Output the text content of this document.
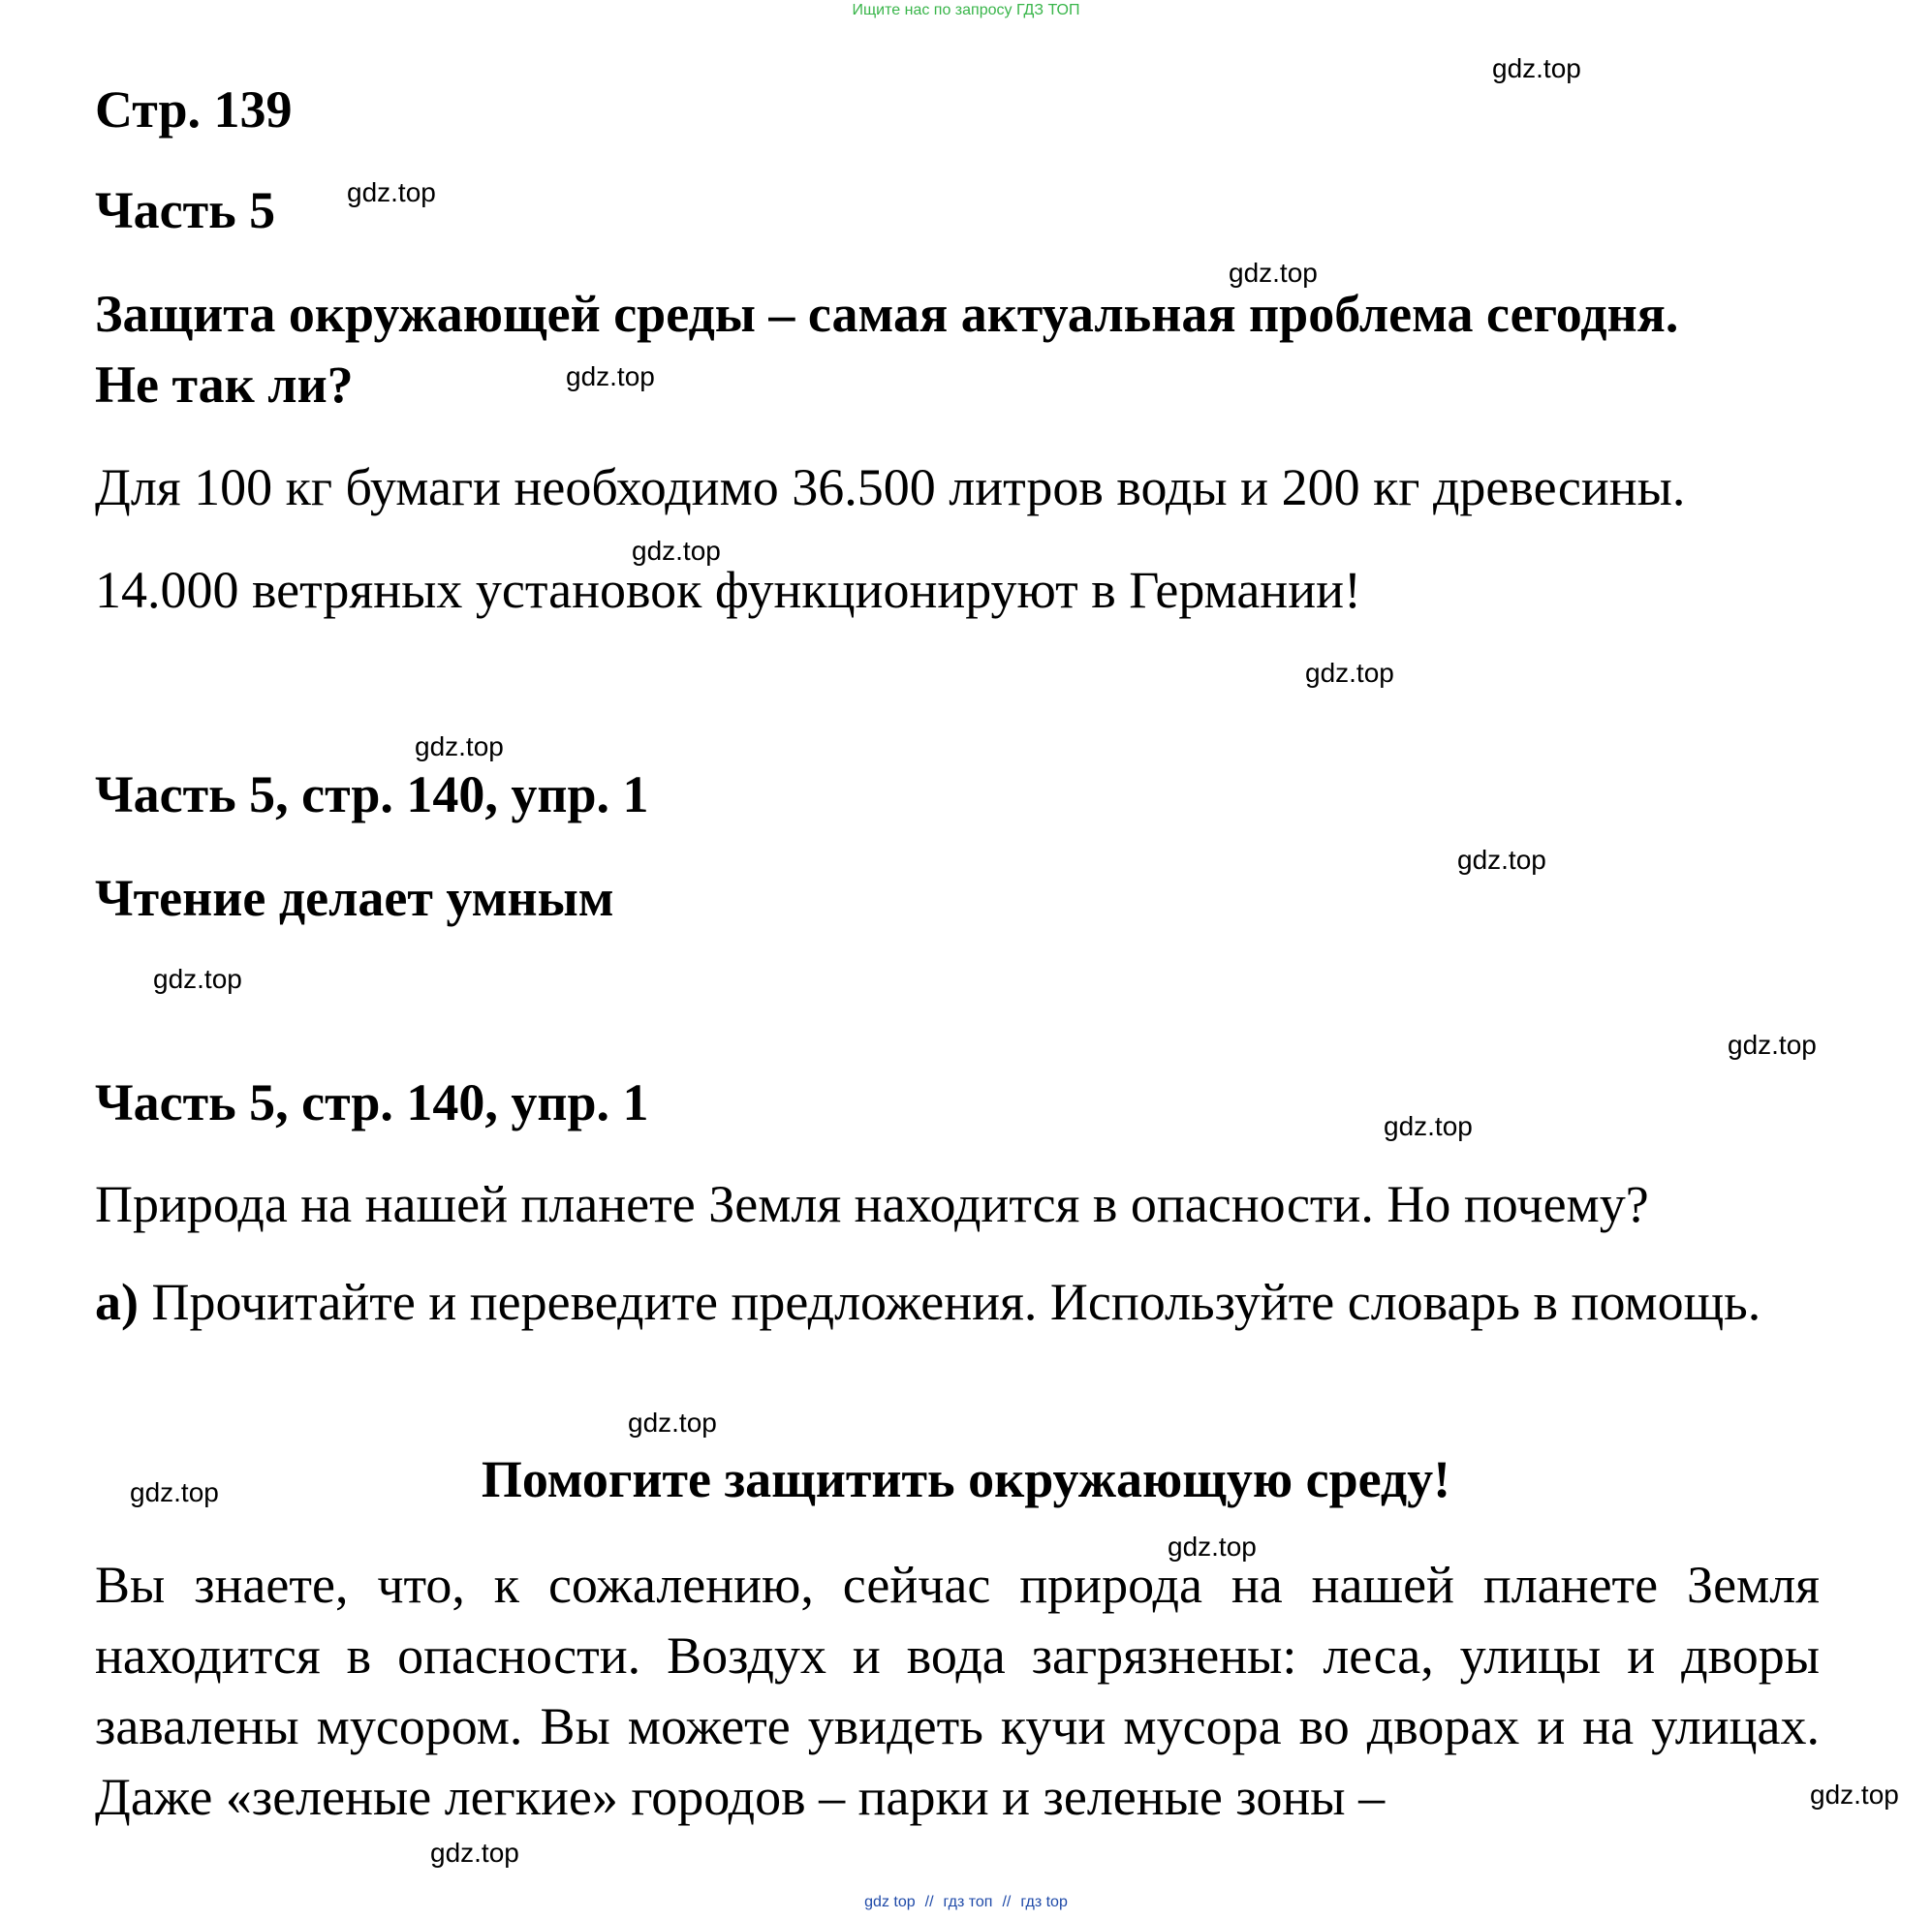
Ищите нас по запросу ГДЗ ТОП
gdz.top
gdz.top
gdz.top
gdz.top
gdz.top
gdz.top
gdz.top
gdz.top
gdz.top
gdz.top
gdz.top
gdz.top
gdz.top
gdz.top
gdz.top
gdz.top
Стр. 139
Часть 5
Защита окружающей среды – самая актуальная проблема сегодня.
Не так ли?
Для 100 кг бумаги необходимо 36.500 литров воды и 200 кг древесины.
14.000 ветряных установок функционируют в Германии!
Часть 5, стр. 140, упр. 1
Чтение делает умным
Часть 5, стр. 140, упр. 1
Природа на нашей планете Земля находится в опасности. Но почему?
а) Прочитайте и переведите предложения. Используйте словарь в помощь.
Помогите защитить окружающую среду!
Вы знаете, что, к сожалению, сейчас природа на нашей планете Земля находится в опасности. Воздух и вода загрязнены: леса, улицы и дворы завалены мусором. Вы можете увидеть кучи мусора во дворах и на улицах. Даже «зеленые легкие» городов – парки и зеленые зоны –
gdz top // гдз топ // гдз top
